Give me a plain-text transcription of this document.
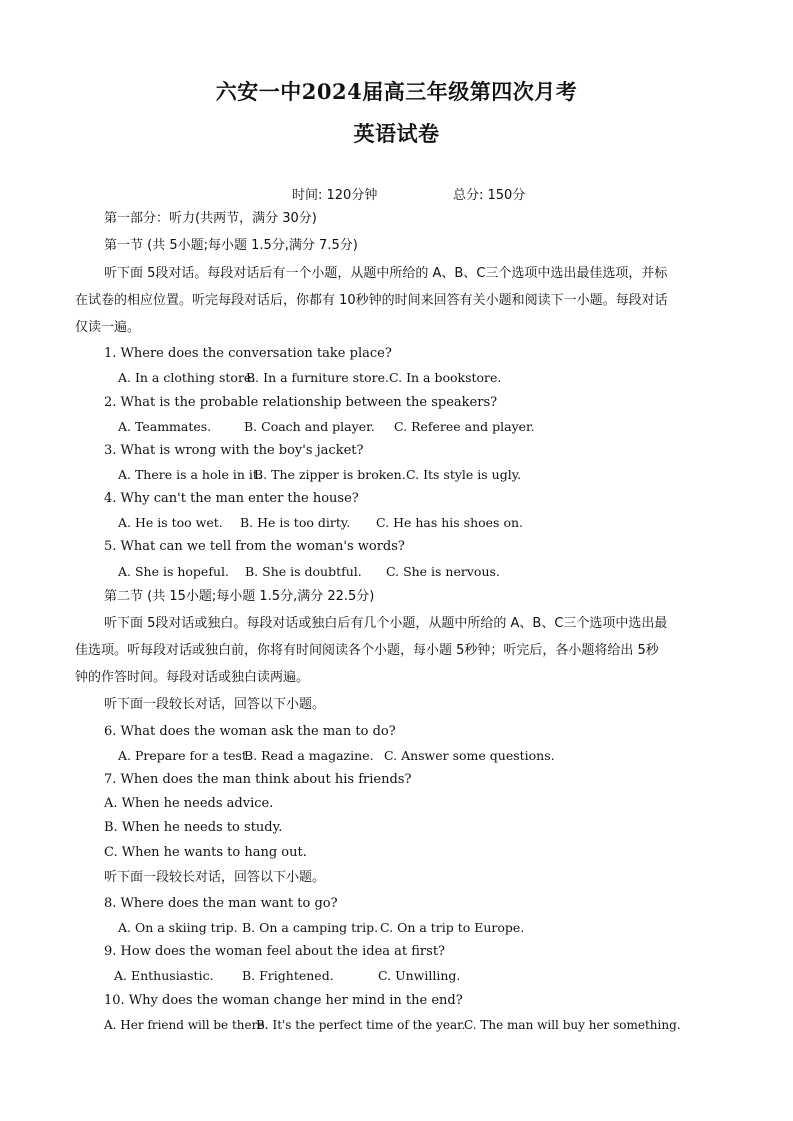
六安一中2024届高三年级第四次月考
英语试卷
时间: 120分钟	总分: 150分
第一部分：听力(共两节，满分 30分)
第一节 (共 5小题;每小题 1.5分,满分 7.5分)
听下面 5段对话。每段对话后有一个小题，从题中所给的 A、B、C三个选项中选出最佳选项，并标
在试卷的相应位置。听完每段对话后，你都有 10秒钟的时间来回答有关小题和阅读下一小题。每段对话
仅读一遍。
1. Where does the conversation take place?
A. In a clothing store.
B. In a furniture store. C. In a bookstore.
2. What is the probable relationship between the speakers?
A. Teammates.	B. Coach and player. C. Referee and player.
3. What is wrong with the boy's jacket?
A. There is a hole in it.
B. The zipper is broken. C. Its style is ugly.
4. Why can't the man enter the house?
A. He is too wet. B. He is too dirty. C. He has his shoes on.
5. What can we tell from the woman's words?
A. She is hopeful. B. She is doubtful. C. She is nervous.
第二节 (共 15小题;每小题 1.5分,满分 22.5分)
听下面 5段对话或独白。每段对话或独白后有几个小题，从题中所给的 A、B、C三个选项中选出最
佳选项。听每段对话或独白前，你将有时间阅读各个小题，每小题 5秒钟；听完后，各小题将给出 5秒
钟的作答时间。每段对话或独白读两遍。
听下面一段较长对话，回答以下小题。
6. What does the woman ask the man to do?
A. Prepare for a test.
B. Read a magazine. C. Answer some questions.
7. When does the man think about his friends?
A. When he needs advice.
B. When he needs to study.
C. When he wants to hang out.
听下面一段较长对话，回答以下小题。
8. Where does the man want to go?
A. On a skiing trip. B. On a camping trip. C. On a trip to Europe.
9. How does the woman feel about the idea at first?
A. Enthusiastic. B. Frightened.	C. Unwilling.
10. Why does the woman change her mind in the end?
A. Her friend will be there.
B. It's the perfect time of the year.
C. The man will buy her something.
